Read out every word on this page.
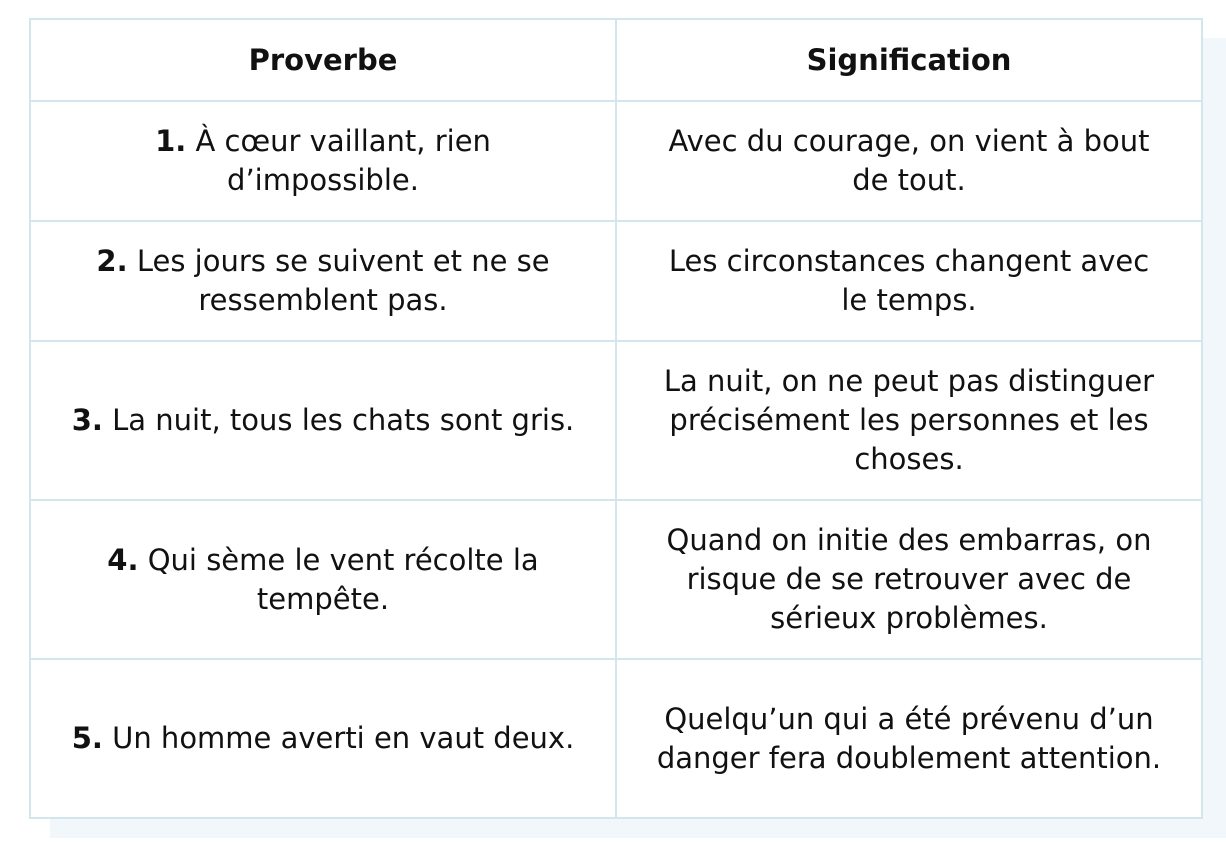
Proverbe	Signification
1. À cœur vaillant, rien d’impossible.	Avec du courage, on vient à bout de tout.
2. Les jours se suivent et ne se ressemblent pas.	Les circonstances changent avec le temps.
3. La nuit, tous les chats sont gris.	La nuit, on ne peut pas distinguer précisément les personnes et les choses.
4. Qui sème le vent récolte la tempête.	Quand on initie des embarras, on risque de se retrouver avec de sérieux problèmes.
5. Un homme averti en vaut deux.	Quelqu’un qui a été prévenu d’un danger fera doublement attention.
